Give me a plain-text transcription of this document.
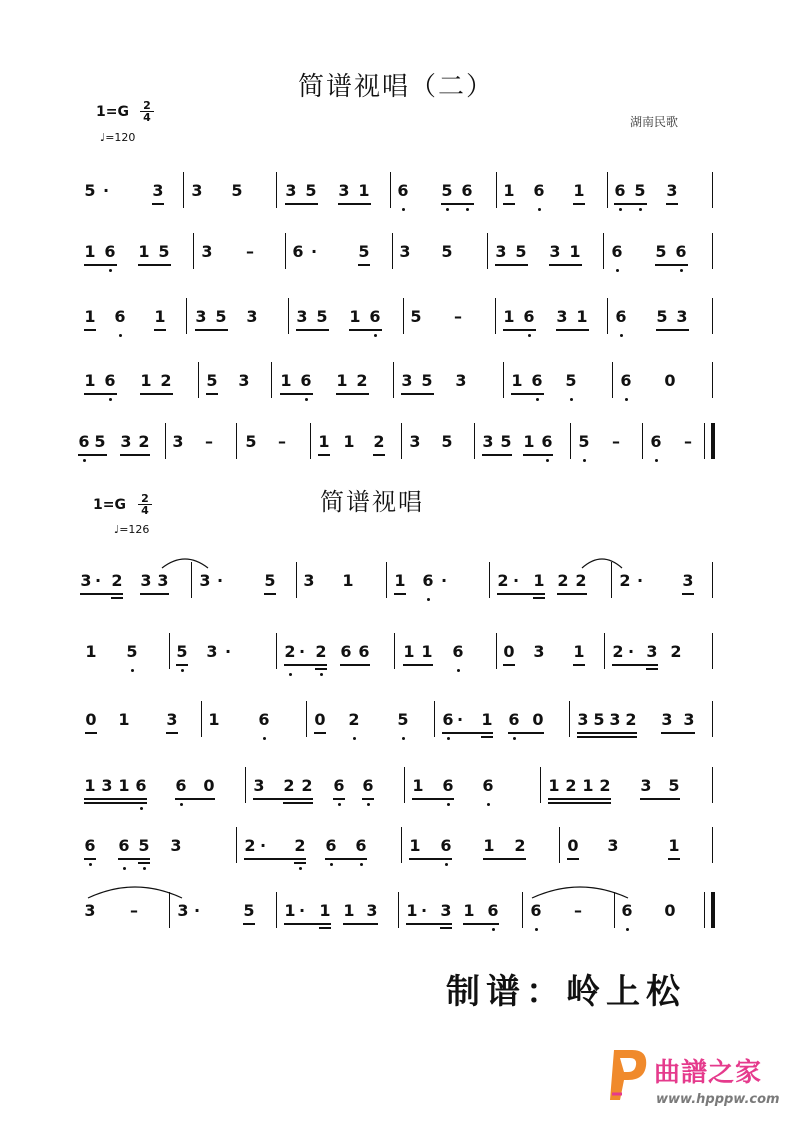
简谱视唱（二）
1=G 2
4
♩=120
湖南民歌
5 ·	3 3 5	3 5 3 1 6 5 6 1 6 1 6 5 3
1 6 1 5 3 – 6 ·	5 3 5	3 5 3 1 6 5 6
1 6 1 3 5 3 3 5 1 6 5 –	1 6 3 1 6 5 3
1 6 1 2 5 3 1 6 1 2 3 5 3	1 6 5	6 0
6 5 3 2 3 – 5 – 1 1 2 3 5 3 5 1 6 5 – 6 –
简谱视唱
1=G 2
4
♩=126
3 · 2 3 3 3 ·	5 3 1	1 6 ·	2 · 1 2 2 2 · 3
1 5 5 3 ·	2 · 2 6 6 1 1 6 0 3 1 2 · 3 2
0 1 3 1 6	0 2 5 6 · 1 6 0 3 5 3 2 3 3
1 3 1 6 6 0 3 2 2 6 6 1 6 6	1 2 1 2 3 5
6 6 5 3	2 · 2 6 6	1 6 1 2	0 3	1
3 – 3 ·	5 1 · 1 1 3 1 · 3 1 6 6 – 6 0
制谱：岭上松
曲譜之家
www.hpppw.com
